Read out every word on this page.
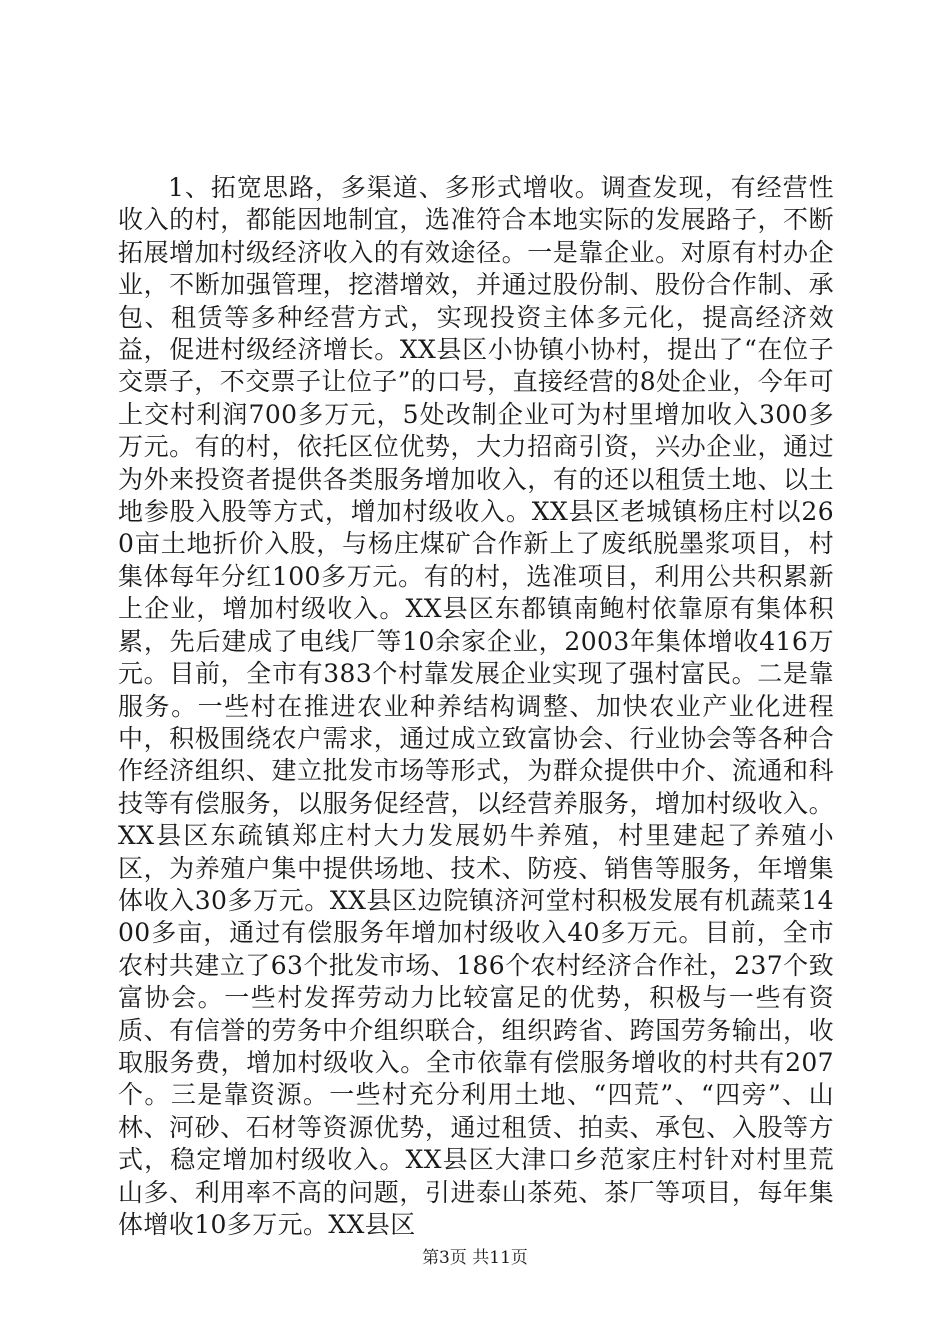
1、拓宽思路，多渠道、多形式增收。调查发现，有经营性收入的村，都能因地制宜，选准符合本地实际的发展路子，不断拓展增加村级经济收入的有效途径。一是靠企业。对原有村办企业，不断加强管理，挖潜增效，并通过股份制、股份合作制、承包、租赁等多种经营方式，实现投资主体多元化，提高经济效益，促进村级经济增长。XX县区小协镇小协村，提出了“在位子交票子，不交票子让位子”的口号，直接经营的8处企业，今年可上交村利润700多万元，5处改制企业可为村里增加收入300多万元。有的村，依托区位优势，大力招商引资，兴办企业，通过为外来投资者提供各类服务增加收入，有的还以租赁土地、以土地参股入股等方式，增加村级收入。XX县区老城镇杨庄村以260亩土地折价入股，与杨庄煤矿合作新上了废纸脱墨浆项目，村集体每年分红100多万元。有的村，选准项目，利用公共积累新上企业，增加村级收入。XX县区东都镇南鲍村依靠原有集体积累，先后建成了电线厂等10余家企业，2003年集体增收416万元。目前，全市有383个村靠发展企业实现了强村富民。二是靠服务。一些村在推进农业种养结构调整、加快农业产业化进程中，积极围绕农户需求，通过成立致富协会、行业协会等各种合作经济组织、建立批发市场等形式，为群众提供中介、流通和科技等有偿服务，以服务促经营，以经营养服务，增加村级收入。XX县区东疏镇郑庄村大力发展奶牛养殖，村里建起了养殖小区，为养殖户集中提供场地、技术、防疫、销售等服务，年增集体收入30多万元。XX县区边院镇济河堂村积极发展有机蔬菜1400多亩，通过有偿服务年增加村级收入40多万元。目前，全市农村共建立了63个批发市场、186个农村经济合作社，237个致富协会。一些村发挥劳动力比较富足的优势，积极与一些有资质、有信誉的劳务中介组织联合，组织跨省、跨国劳务输出，收取服务费，增加村级收入。全市依靠有偿服务增收的村共有207个。三是靠资源。一些村充分利用土地、“四荒”、“四旁”、山林、河砂、石材等资源优势，通过租赁、拍卖、承包、入股等方式，稳定增加村级收入。XX县区大津口乡范家庄村针对村里荒山多、利用率不高的问题，引进泰山茶苑、茶厂等项目，每年集体增收10多万元。XX县区

第3页 共11页
